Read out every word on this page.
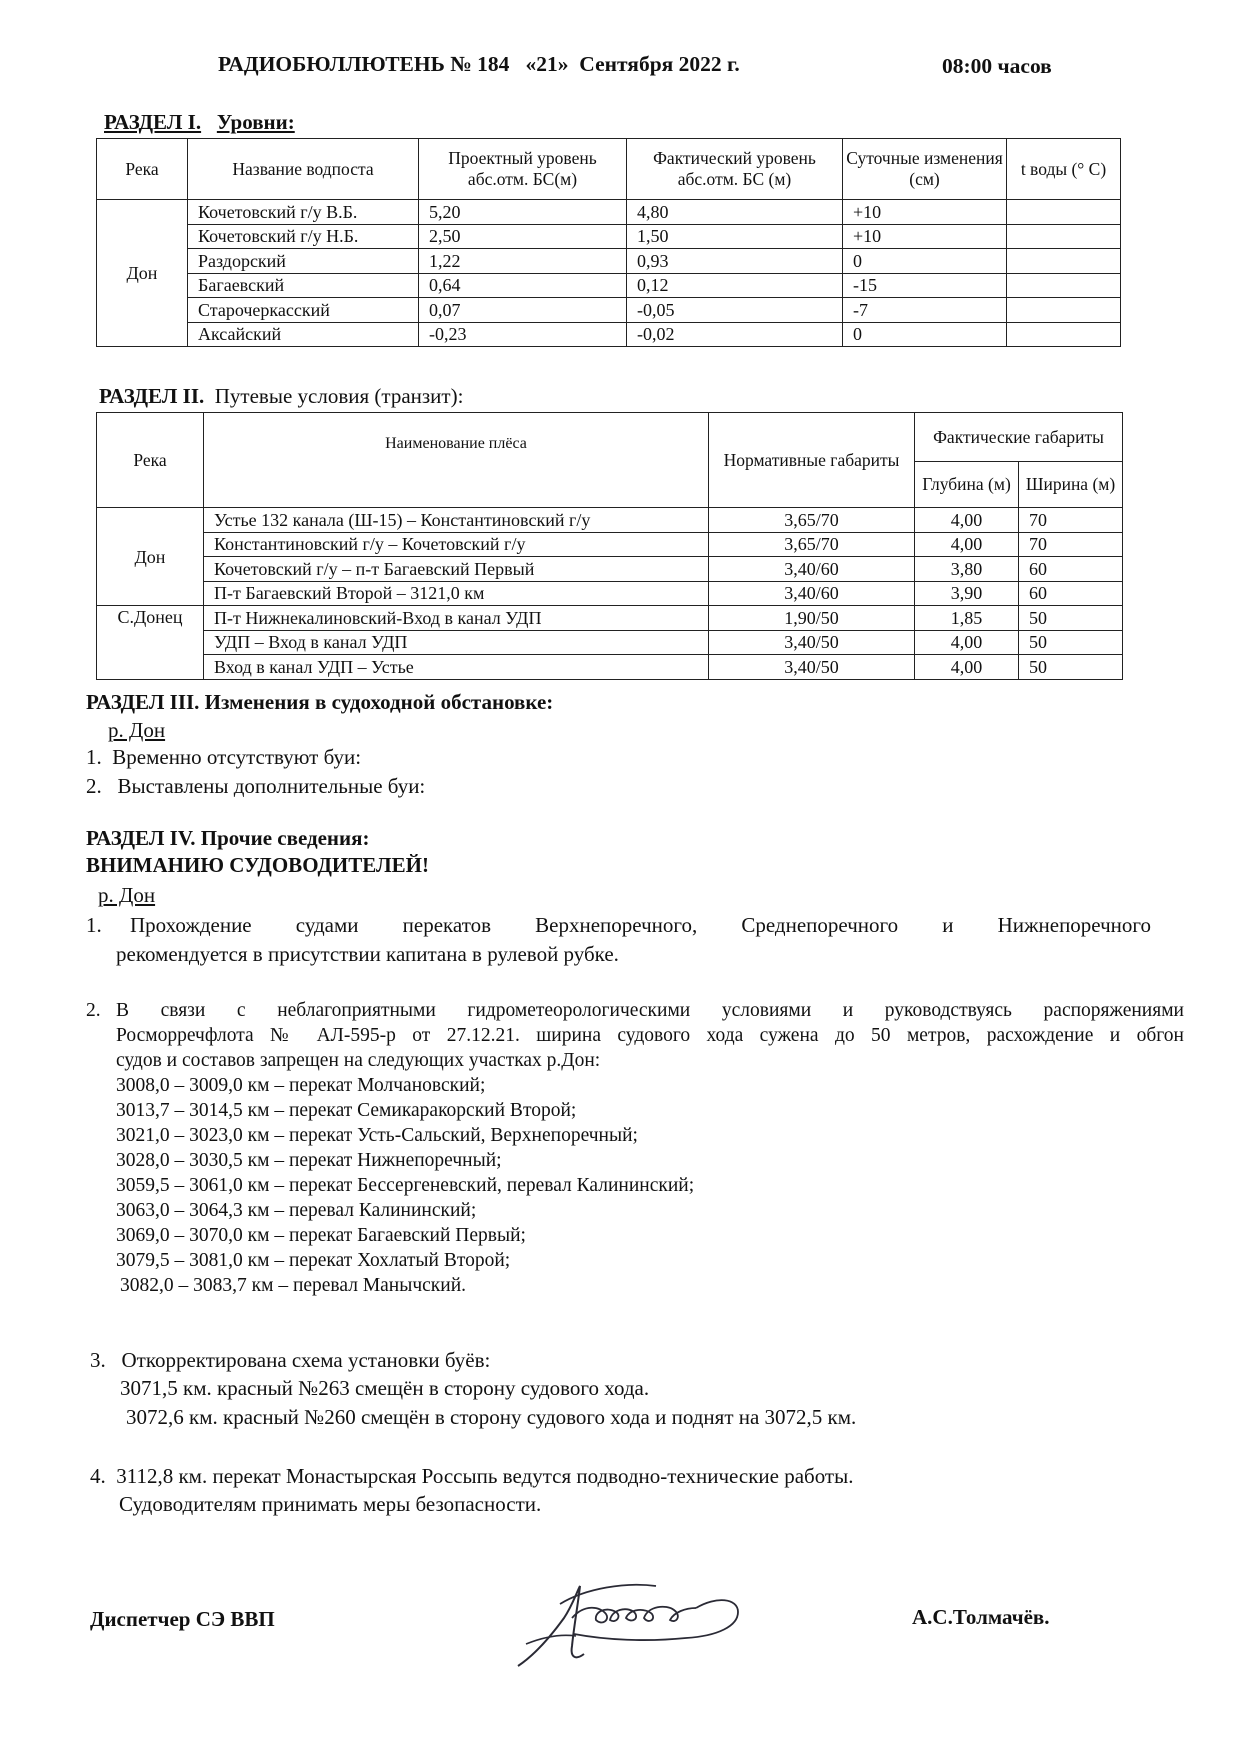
РАДИОБЮЛЛЮТЕНЬ № 184   «21»  Сентября 2022 г.	08:00 часов
РАЗДЕЛ I. Уровни:
Река	Название водпоста	Проектный уровень абс.отм. БС(м)	Фактический уровень абс.отм. БС (м)	Суточные изменения (см)	t воды (° C)
Дон	Кочетовский г/у В.Б.	5,20	4,80	+10	
	Кочетовский г/у Н.Б.	2,50	1,50	+10	
	Раздорский	1,22	0,93	0	
	Багаевский	0,64	0,12	-15	
	Старочеркасский	0,07	-0,05	-7	
	Аксайский	-0,23	-0,02	0	
РАЗДЕЛ II. Путевые условия (транзит):
Река	Наименование плёса	Нормативные габариты	Фактические габариты	
			Глубина (м)	Ширина (м)
Дон	Устье 132 канала (Ш-15) – Константиновский г/у	3,65/70	4,00	70
	Константиновский г/у – Кочетовский г/у	3,65/70	4,00	70
	Кочетовский г/у – п-т Багаевский Первый	3,40/60	3,80	60
	П-т Багаевский Второй – 3121,0 км	3,40/60	3,90	60
С.Донец	П-т Нижнекалиновский-Вход в канал УДП	1,90/50	1,85	50
	УДП – Вход в канал УДП	3,40/50	4,00	50
	Вход в канал УДП – Устье	3,40/50	4,00	50
РАЗДЕЛ III. Изменения в судоходной обстановке:
р. Дон
1.  Временно отсутствуют буи:
2.   Выставлены дополнительные буи:
РАЗДЕЛ IV. Прочие сведения:
ВНИМАНИЮ СУДОВОДИТЕЛЕЙ!
р. Дон
1. Прохождение судами перекатов Верхнепоречного, Среднепоречного и Нижнепоречного
рекомендуется в присутствии капитана в рулевой рубке.
2. В связи с неблагоприятными гидрометеорологическими условиями и руководствуясь распоряжениями
Росморречфлота № АЛ-595-р от 27.12.21. ширина судового хода сужена до 50 метров, расхождение и обгон
судов и составов запрещен на следующих участках р.Дон:
3008,0 – 3009,0 км – перекат Молчановский;
3013,7 – 3014,5 км – перекат Семикаракорский Второй;
3021,0 – 3023,0 км – перекат Усть-Сальский, Верхнепоречный;
3028,0 – 3030,5 км – перекат Нижнепоречный;
3059,5 – 3061,0 км – перекат Бессергеневский, перевал Калининский;
3063,0 – 3064,3 км – перевал Калининский;
3069,0 – 3070,0 км – перекат Багаевский Первый;
3079,5 – 3081,0 км – перекат Хохлатый Второй;
3082,0 – 3083,7 км – перевал Манычский.
3.   Откорректирована схема установки буёв:
3071,5 км. красный №263 смещён в сторону судового хода.
3072,6 км. красный №260 смещён в сторону судового хода и поднят на 3072,5 км.
4.  3112,8 км. перекат Монастырская Россыпь ведутся подводно-технические работы.
Судоводителям принимать меры безопасности.
Диспетчер СЭ ВВП	А.С.Толмачёв.
